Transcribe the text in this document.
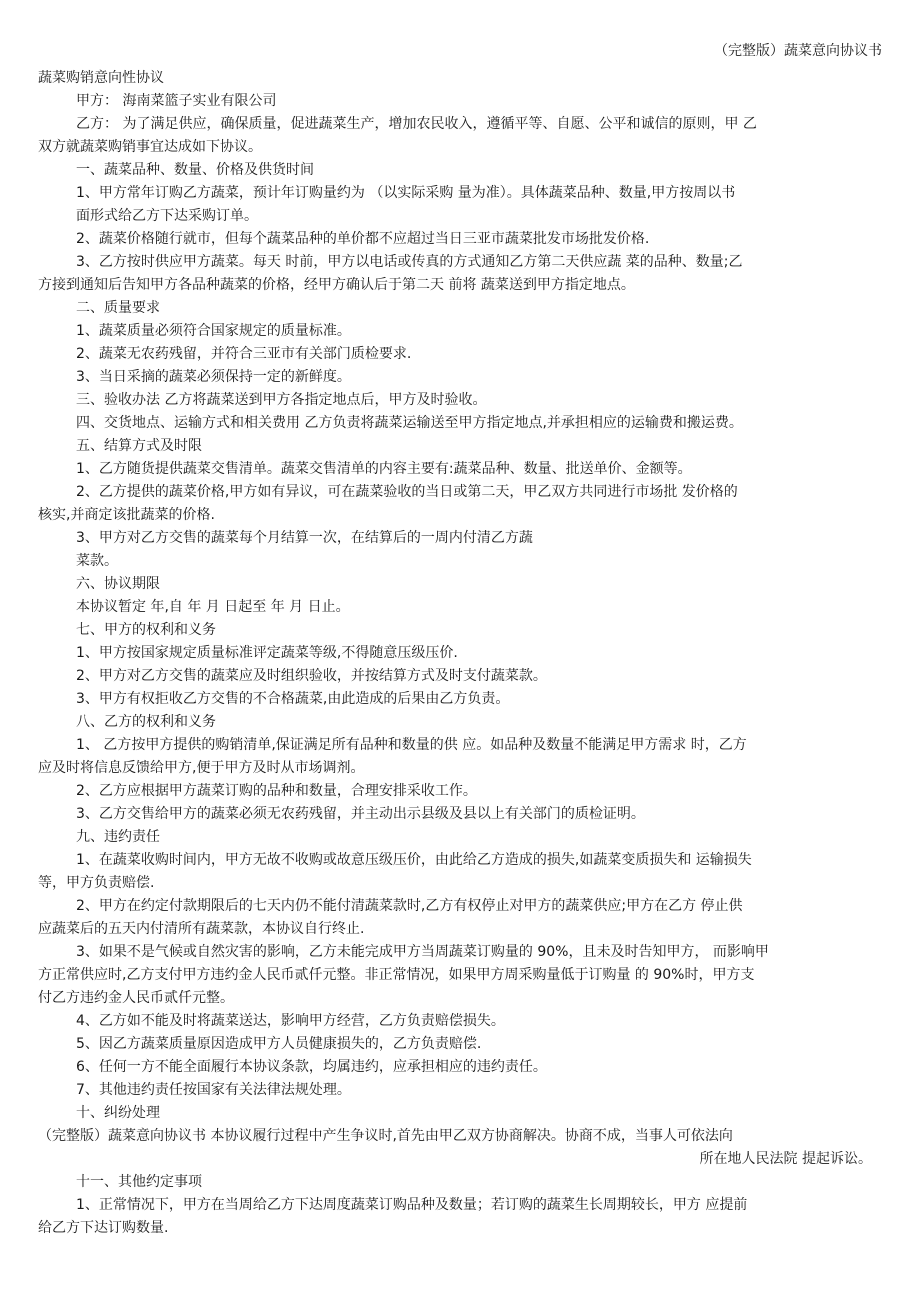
（完整版）蔬菜意向协议书

蔬菜购销意向性协议

甲方： 海南菜篮子实业有限公司

乙方： 为了满足供应，确保质量，促进蔬菜生产，增加农民收入，遵循平等、自愿、公平和诚信的原则，甲 乙

双方就蔬菜购销事宜达成如下协议。

一、蔬菜品种、数量、价格及供货时间

1、甲方常年订购乙方蔬菜，预计年订购量约为 （以实际采购 量为准）。具体蔬菜品种、数量,甲方按周以书

面形式给乙方下达采购订单。

2、蔬菜价格随行就市，但每个蔬菜品种的单价都不应超过当日三亚市蔬菜批发市场批发价格.

3、乙方按时供应甲方蔬菜。每天 时前，甲方以电话或传真的方式通知乙方第二天供应蔬 菜的品种、数量;乙

方接到通知后告知甲方各品种蔬菜的价格，经甲方确认后于第二天 前将 蔬菜送到甲方指定地点。

二、质量要求

1、蔬菜质量必须符合国家规定的质量标准。

2、蔬菜无农药残留，并符合三亚市有关部门质检要求.

3、当日采摘的蔬菜必须保持一定的新鲜度。

三、验收办法 乙方将蔬菜送到甲方各指定地点后，甲方及时验收。

四、交货地点、运输方式和相关费用 乙方负责将蔬菜运输送至甲方指定地点,并承担相应的运输费和搬运费。

五、结算方式及时限

1、乙方随货提供蔬菜交售清单。蔬菜交售清单的内容主要有:蔬菜品种、数量、批送单价、金额等。

2、乙方提供的蔬菜价格,甲方如有异议，可在蔬菜验收的当日或第二天，甲乙双方共同进行市场批 发价格的

核实,并商定该批蔬菜的价格.

3、甲方对乙方交售的蔬菜每个月结算一次，在结算后的一周内付清乙方蔬

菜款。

六、协议期限

本协议暂定 年,自 年 月 日起至 年 月 日止。

七、甲方的权利和义务

1、甲方按国家规定质量标准评定蔬菜等级,不得随意压级压价.

2、甲方对乙方交售的蔬菜应及时组织验收，并按结算方式及时支付蔬菜款。

3、甲方有权拒收乙方交售的不合格蔬菜,由此造成的后果由乙方负责。

八、乙方的权利和义务

1、 乙方按甲方提供的购销清单,保证满足所有品种和数量的供 应。如品种及数量不能满足甲方需求 时，乙方

应及时将信息反馈给甲方,便于甲方及时从市场调剂。

2、乙方应根据甲方蔬菜订购的品种和数量，合理安排采收工作。

3、乙方交售给甲方的蔬菜必须无农药残留，并主动出示县级及县以上有关部门的质检证明。

九、违约责任

1、在蔬菜收购时间内，甲方无故不收购或故意压级压价，由此给乙方造成的损失,如蔬菜变质损失和 运输损失

等，甲方负责赔偿.

2、甲方在约定付款期限后的七天内仍不能付清蔬菜款时,乙方有权停止对甲方的蔬菜供应;甲方在乙方 停止供

应蔬菜后的五天内付清所有蔬菜款，本协议自行终止.

3、如果不是气候或自然灾害的影响，乙方未能完成甲方当周蔬菜订购量的 90%，且未及时告知甲方， 而影响甲

方正常供应时,乙方支付甲方违约金人民币贰仟元整。非正常情况，如果甲方周采购量低于订购量 的 90%时，甲方支

付乙方违约金人民币贰仟元整。

4、乙方如不能及时将蔬菜送达，影响甲方经营，乙方负责赔偿损失。

5、因乙方蔬菜质量原因造成甲方人员健康损失的，乙方负责赔偿.

6、任何一方不能全面履行本协议条款，均属违约，应承担相应的违约责任。

7、其他违约责任按国家有关法律法规处理。

十、纠纷处理

（完整版）蔬菜意向协议书 本协议履行过程中产生争议时,首先由甲乙双方协商解决。协商不成，当事人可依法向

所在地人民法院 提起诉讼。

十一、其他约定事项

1、正常情况下，甲方在当周给乙方下达周度蔬菜订购品种及数量；若订购的蔬菜生长周期较长，甲方 应提前

给乙方下达订购数量.
